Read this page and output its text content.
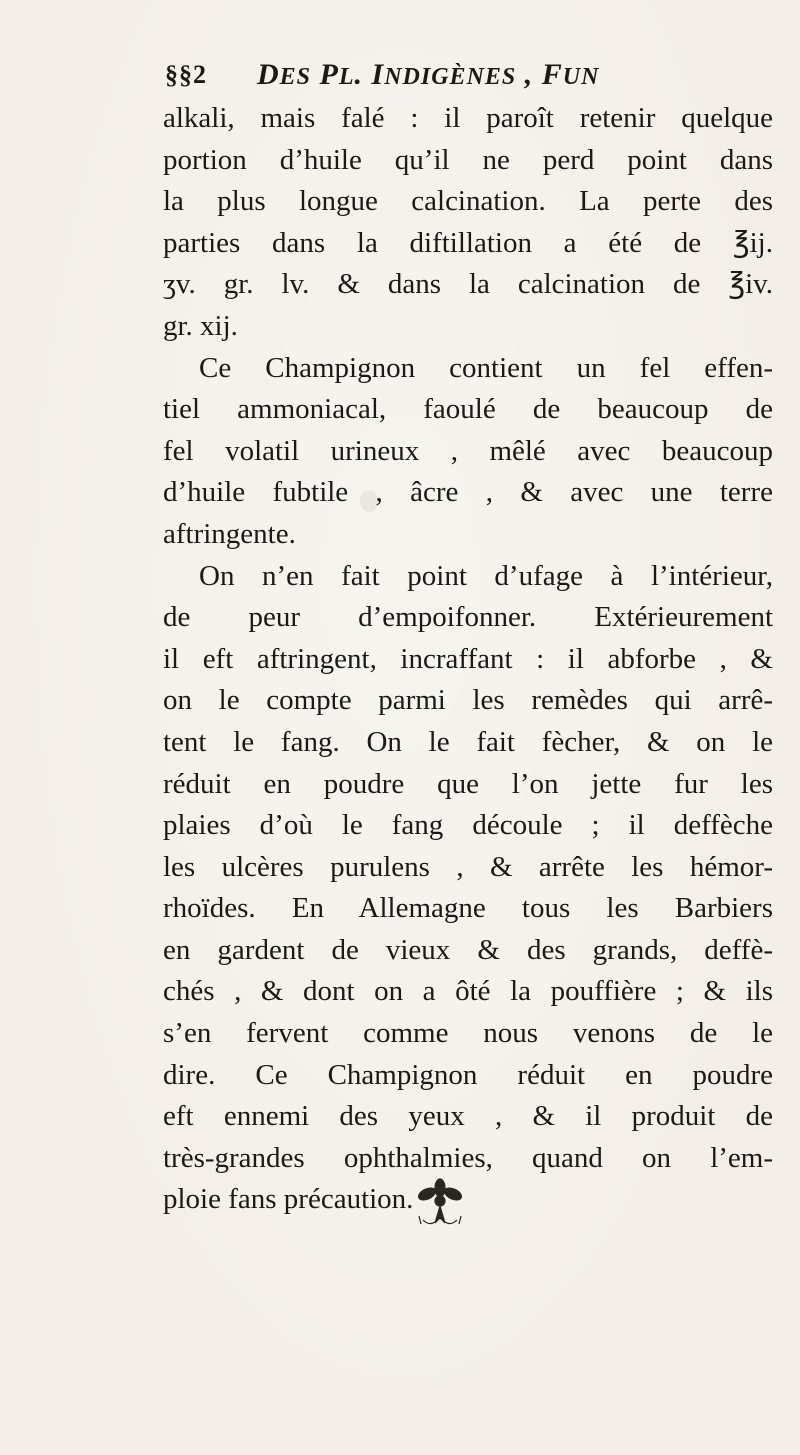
§§2 DES PL. INDIGÈNES , FUN
alkali, mais falé : il paroît retenir quelque
portion d’huile qu’il ne perd point dans
la plus longue calcination. La perte des
parties dans la diftillation a été de ℥ij.
ʒv. gr. lv. & dans la calcination de ℥iv.
gr. xij.
Ce Champignon contient un fel effen-
tiel ammoniacal, faoulé de beaucoup de
fel volatil urineux , mêlé avec beaucoup
d’huile fubtile , âcre , & avec une terre
aftringente.
On n’en fait point d’ufage à l’intérieur,
de peur d’empoifonner. Extérieurement
il eft aftringent, incraffant : il abforbe , &
on le compte parmi les remèdes qui arrê-
tent le fang. On le fait fècher, & on le
réduit en poudre que l’on jette fur les
plaies d’où le fang découle ; il deffèche
les ulcères purulens , & arrête les hémor-
rhoïdes. En Allemagne tous les Barbiers
en gardent de vieux & des grands, deffè-
chés , & dont on a ôté la pouffière ; & ils
s’en fervent comme nous venons de le
dire. Ce Champignon réduit en poudre
eft ennemi des yeux , & il produit de
très-grandes ophthalmies, quand on l’em-
ploie fans précaution.
